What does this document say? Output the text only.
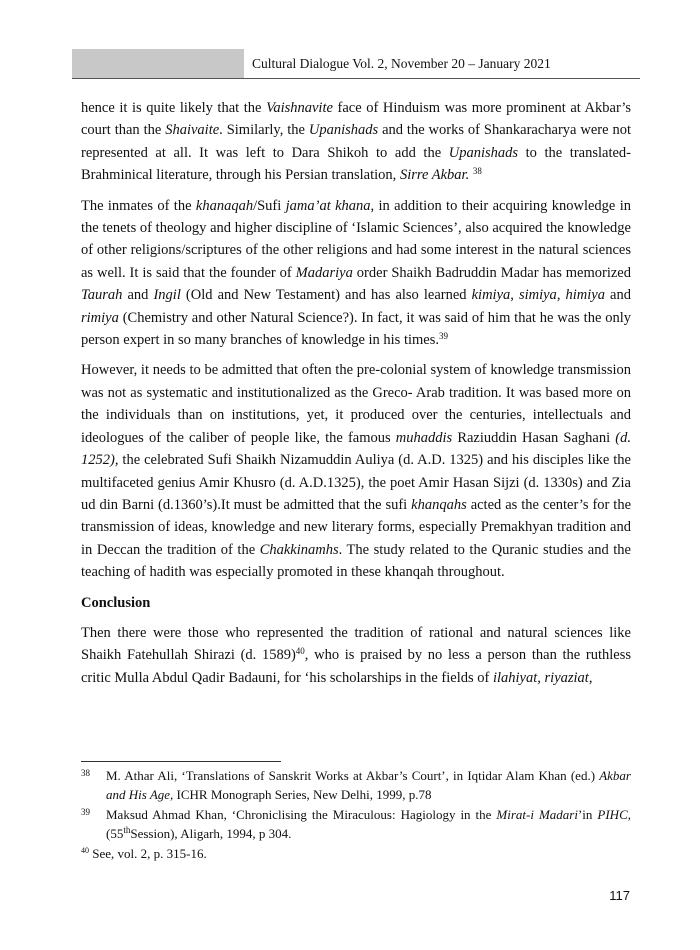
Cultural Dialogue Vol. 2, November 20 – January 2021

hence it is quite likely that the Vaishnavite face of Hinduism was more prominent at Akbar’s court than the Shaivaite. Similarly, the Upanishads and the works of Shankaracharya were not represented at all. It was left to Dara Shikoh to add the Upanishads to the translated-Brahminical literature, through his Persian translation, Sirre Akbar. $^{38}$

The inmates of the khanaqah/Sufi jama’at khana, in addition to their acquiring knowledge in the tenets of theology and higher discipline of ‘Islamic Sciences’, also acquired the knowledge of other religions/scriptures of the other religions and had some interest in the natural sciences as well. It is said that the founder of Madariya order Shaikh Badruddin Madar has memorized Taurah and Ingil (Old and New Testament) and has also learned kimiya, simiya, himiya and rimiya (Chemistry and other Natural Science?). In fact, it was said of him that he was the only person expert in so many branches of knowledge in his times.$^{39}$

However, it needs to be admitted that often the pre-colonial system of knowledge transmission was not as systematic and institutionalized as the Greco- Arab tradition. It was based more on the individuals than on institutions, yet, it produced over the centuries, intellectuals and ideologues of the caliber of people like, the famous muhaddis Raziuddin Hasan Saghani (d. 1252), the celebrated Sufi Shaikh Nizamuddin Auliya (d. A.D. 1325) and his disciples like the multifaceted genius Amir Khusro (d. A.D.1325), the poet Amir Hasan Sijzi (d. 1330s) and Zia ud din Barni (d.1360’s).It must be admitted that the sufi khanqahs acted as the center’s for the transmission of ideas, knowledge and new literary forms, especially Premakhyan tradition and in Deccan the tradition of the Chakkinamhs. The study related to the Quranic studies and the teaching of hadith was especially promoted in these khanqah throughout.

Conclusion

Then there were those who represented the tradition of rational and natural sciences like Shaikh Fatehullah Shirazi (d. 1589)$^{40}$, who is praised by no less a person than the ruthless critic Mulla Abdul Qadir Badauni, for ‘his scholarships in the fields of ilahiyat, riyaziat,

38 M. Athar Ali, ‘Translations of Sanskrit Works at Akbar’s Court’, in Iqtidar Alam Khan (ed.) Akbar and His Age, ICHR Monograph Series, New Delhi, 1999, p.78
39 Maksud Ahmad Khan, ‘Chroniclising the Miraculous: Hagiology in the Mirat-i Madari’in PIHC, (55thSession), Aligarh, 1994, p 304.
$^{40}$ See, vol. 2, p. 315-16.
117
